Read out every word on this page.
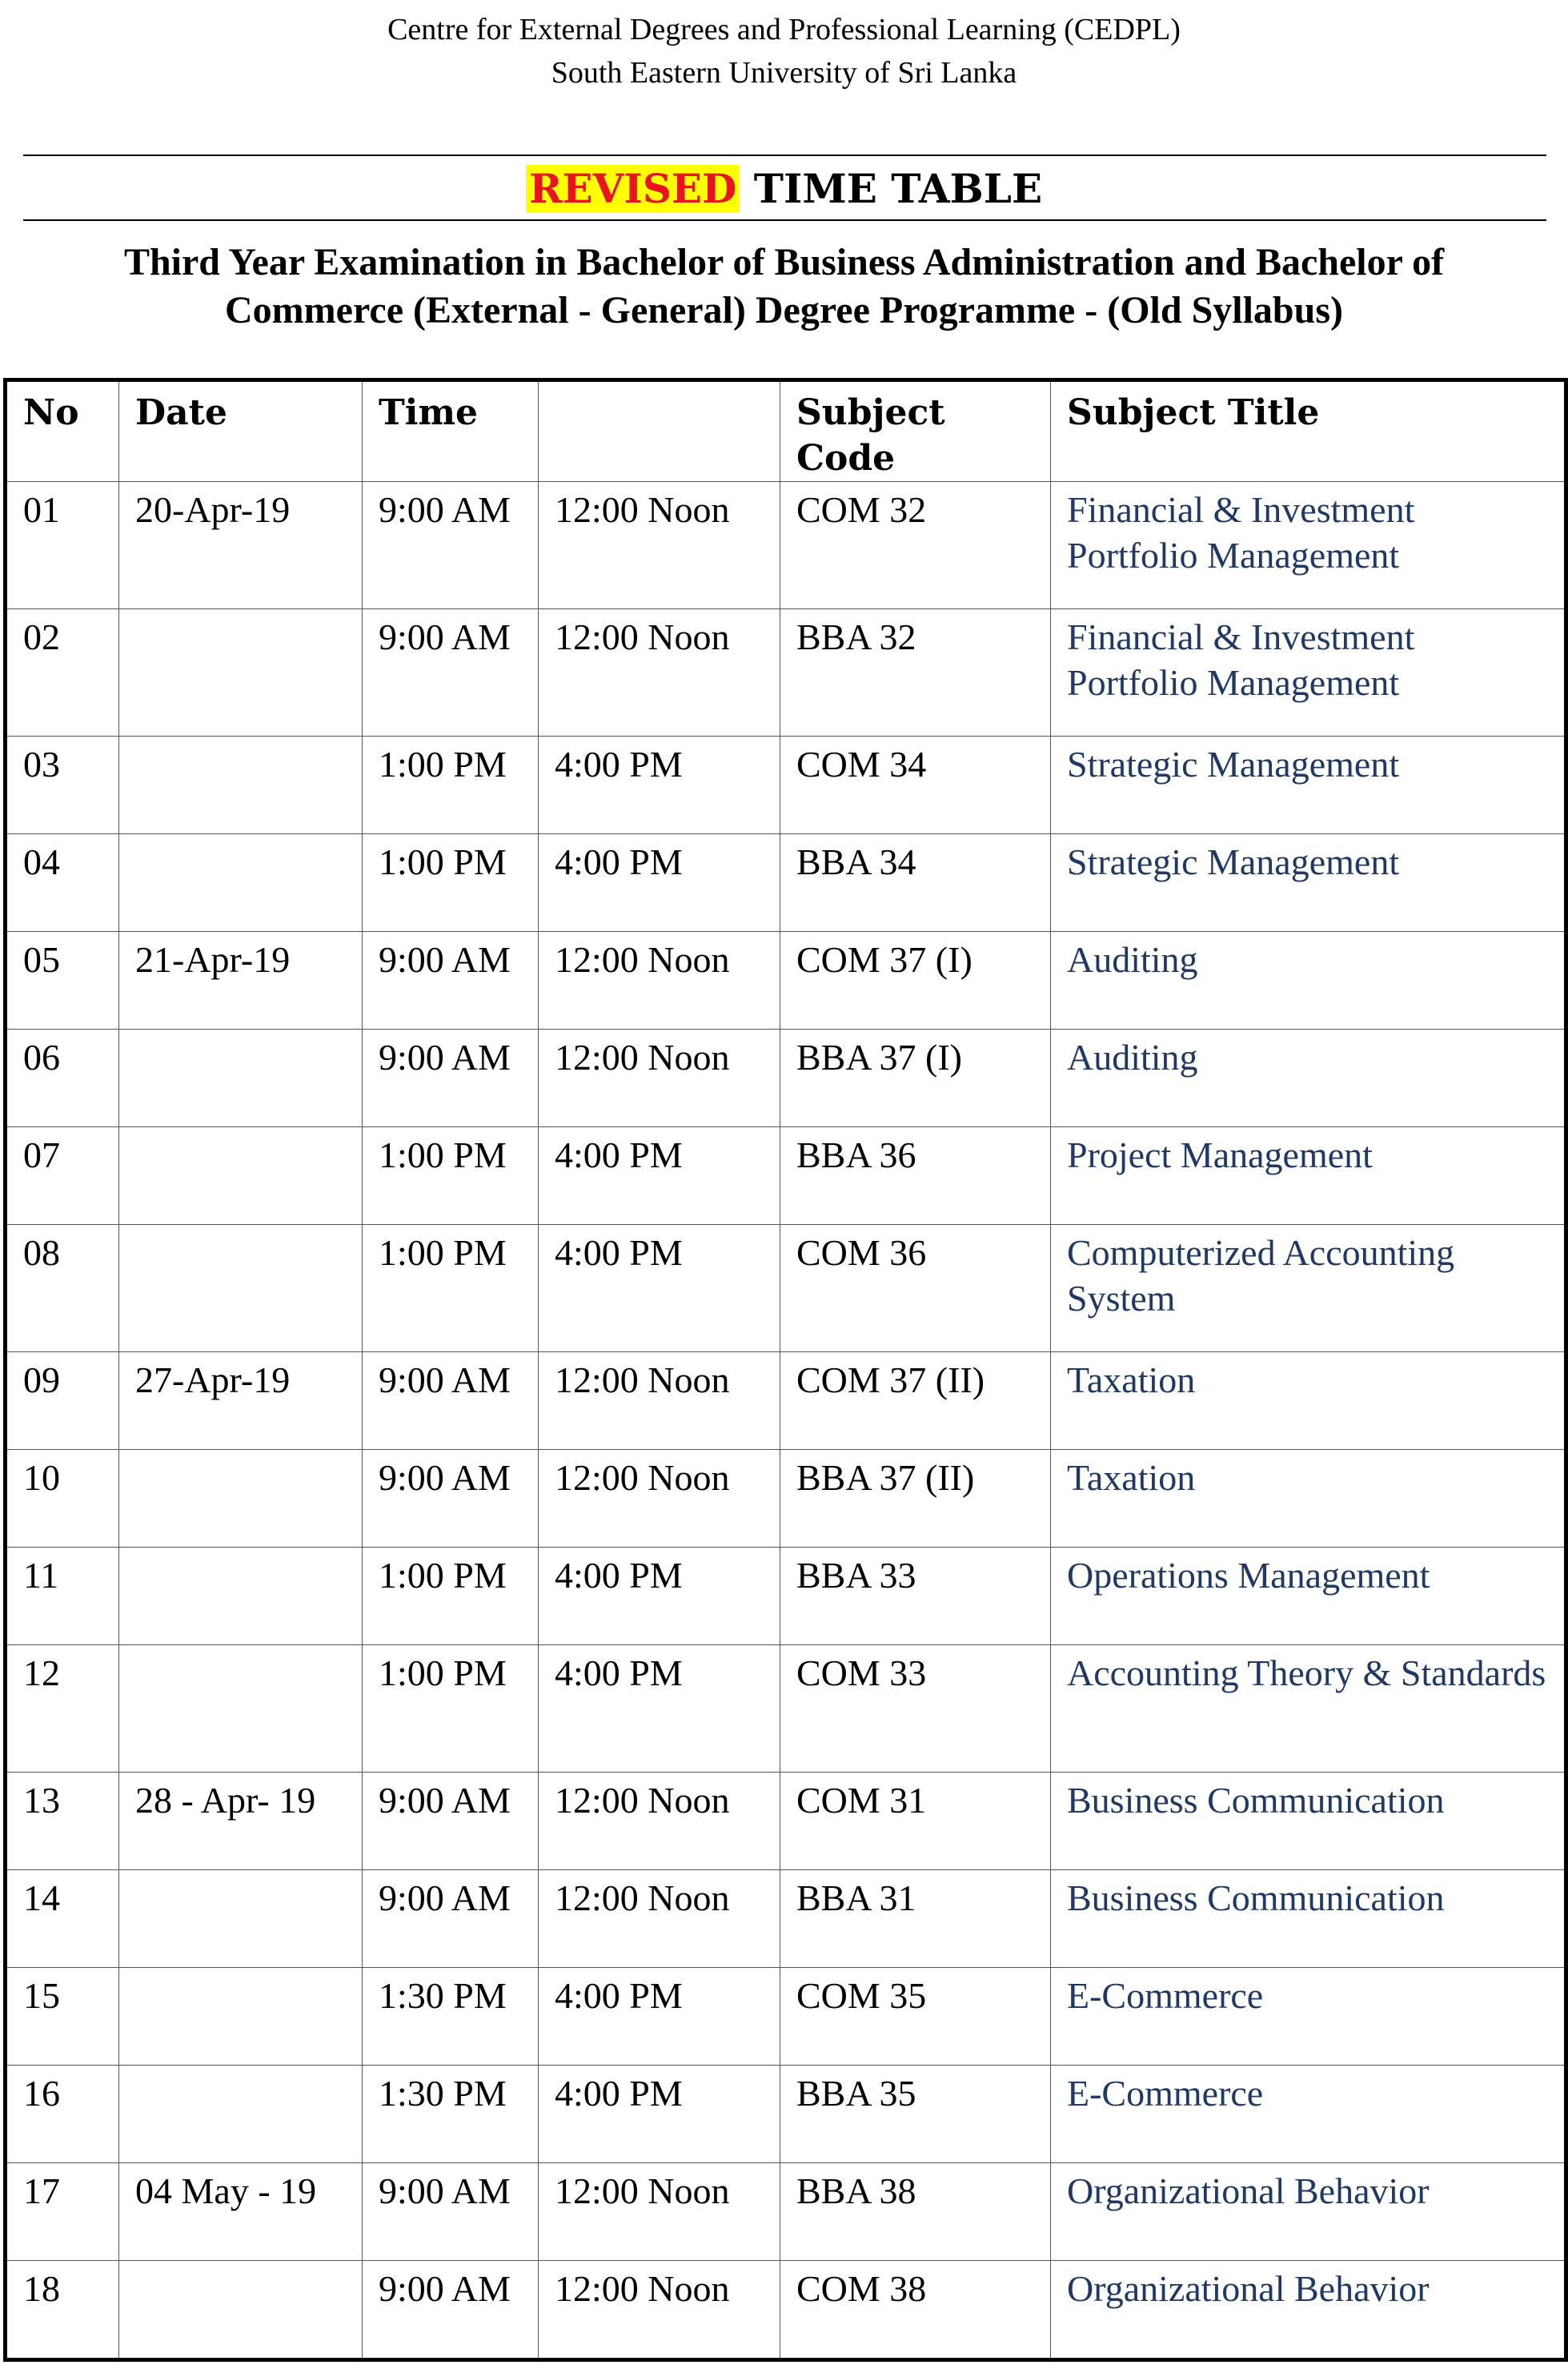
Centre for External Degrees and Professional Learning (CEDPL)
South Eastern University of Sri Lanka
REVISED TIME TABLE
Third Year Examination in Bachelor of Business Administration and Bachelor of
Commerce (External - General) Degree Programme - (Old Syllabus)
No	Date	Time		Subject Code	Subject Title
01	20-Apr-19	9:00 AM	12:00 Noon	COM 32	Financial & Investment Portfolio Management
02		9:00 AM	12:00 Noon	BBA 32	Financial & Investment Portfolio Management
03		1:00 PM	4:00 PM	COM 34	Strategic Management
04		1:00 PM	4:00 PM	BBA 34	Strategic Management
05	21-Apr-19	9:00 AM	12:00 Noon	COM 37 (I)	Auditing
06		9:00 AM	12:00 Noon	BBA 37 (I)	Auditing
07		1:00 PM	4:00 PM	BBA 36	Project Management
08		1:00 PM	4:00 PM	COM 36	Computerized Accounting System
09	27-Apr-19	9:00 AM	12:00 Noon	COM 37 (II)	Taxation
10		9:00 AM	12:00 Noon	BBA 37 (II)	Taxation
11		1:00 PM	4:00 PM	BBA 33	Operations Management
12		1:00 PM	4:00 PM	COM 33	Accounting Theory & Standards
13	28 - Apr- 19	9:00 AM	12:00 Noon	COM 31	Business Communication
14		9:00 AM	12:00 Noon	BBA 31	Business Communication
15		1:30 PM	4:00 PM	COM 35	E-Commerce
16		1:30 PM	4:00 PM	BBA 35	E-Commerce
17	04 May - 19	9:00 AM	12:00 Noon	BBA 38	Organizational Behavior
18		9:00 AM	12:00 Noon	COM 38	Organizational Behavior
